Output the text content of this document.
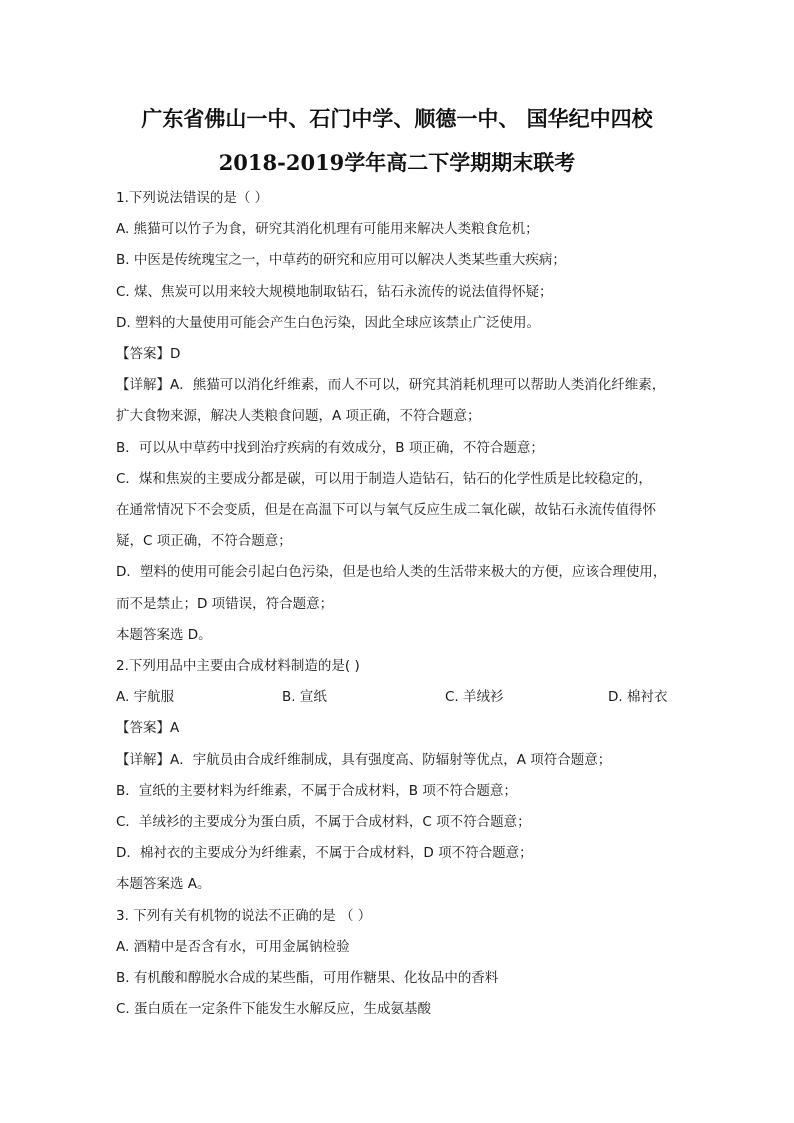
广东省佛山一中、石门中学、顺德一中、 国华纪中四校
2018-2019学年高二下学期期末联考
1.下列说法错误的是（ ）
A. 熊猫可以竹子为食，研究其消化机理有可能用来解决人类粮食危机；
B. 中医是传统瑰宝之一，中草药的研究和应用可以解决人类某些重大疾病；
C. 煤、焦炭可以用来较大规模地制取钻石，钻石永流传的说法值得怀疑；
D. 塑料的大量使用可能会产生白色污染，因此全球应该禁止广泛使用。
【答案】D
【详解】A．熊猫可以消化纤维素，而人不可以，研究其消耗机理可以帮助人类消化纤维素，
扩大食物来源，解决人类粮食问题，A 项正确，不符合题意；
B．可以从中草药中找到治疗疾病的有效成分，B 项正确，不符合题意；
C．煤和焦炭的主要成分都是碳，可以用于制造人造钻石，钻石的化学性质是比较稳定的，
在通常情况下不会变质，但是在高温下可以与氧气反应生成二氧化碳，故钻石永流传值得怀
疑，C 项正确，不符合题意；
D．塑料的使用可能会引起白色污染，但是也给人类的生活带来极大的方便，应该合理使用，
而不是禁止；D 项错误，符合题意；
本题答案选 D。
2.下列用品中主要由合成材料制造的是( )
A. 宇航服	B. 宣纸	C. 羊绒衫	D. 棉衬衣
【答案】A
【详解】A．宇航员由合成纤维制成，具有强度高、防辐射等优点，A 项符合题意；
B．宣纸的主要材料为纤维素，不属于合成材料，B 项不符合题意；
C．羊绒衫的主要成分为蛋白质，不属于合成材料，C 项不符合题意；
D．棉衬衣的主要成分为纤维素，不属于合成材料，D 项不符合题意；
本题答案选 A。
3. 下列有关有机物的说法不正确的是 （ ）
A. 酒精中是否含有水，可用金属钠检验
B. 有机酸和醇脱水合成的某些酯，可用作糖果、化妆品中的香料
C. 蛋白质在一定条件下能发生水解反应，生成氨基酸
